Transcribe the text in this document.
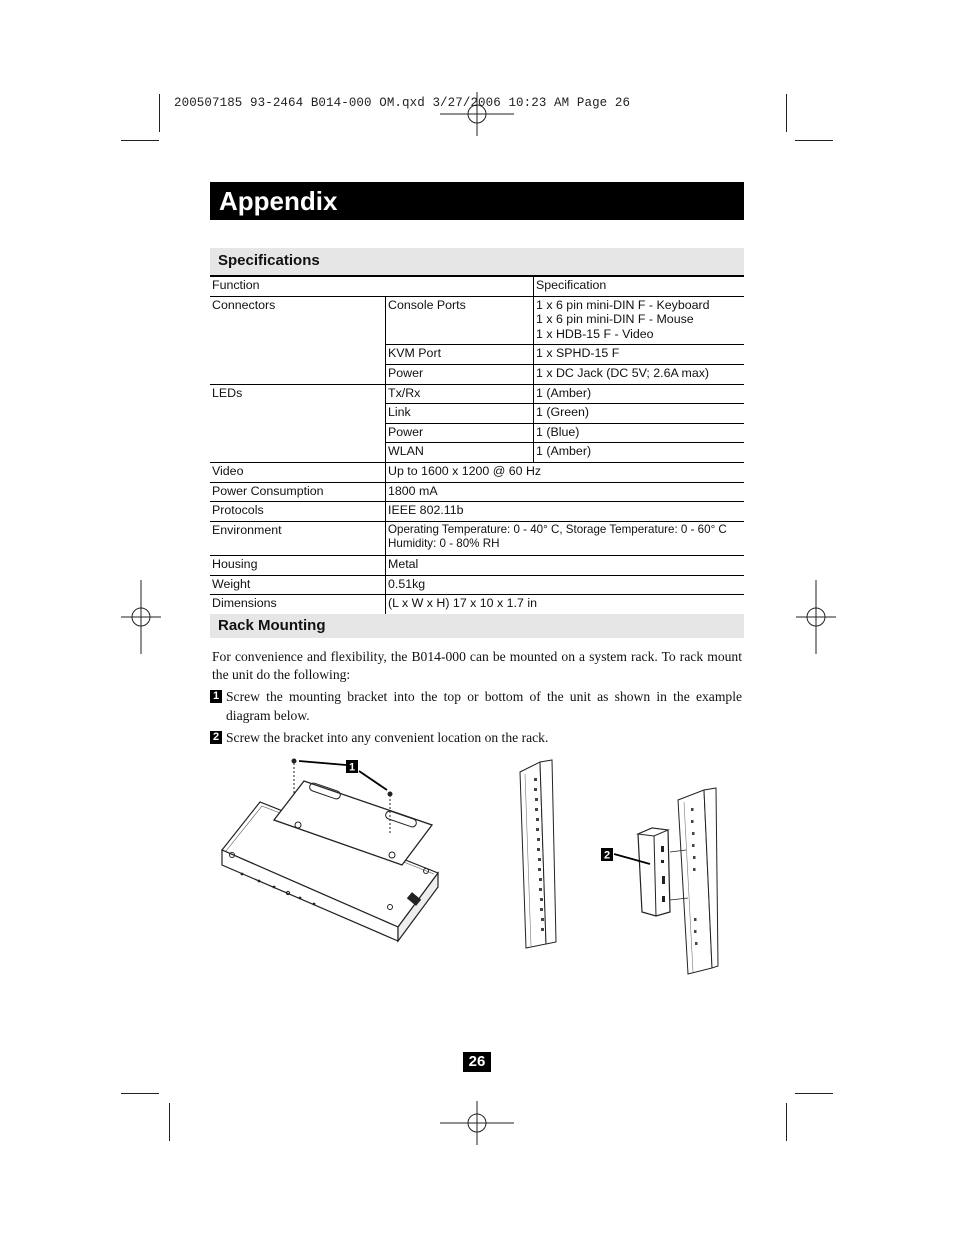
200507185 93-2464 B014-000 OM.qxd 3/27/2006 10:23 AM Page 26
Appendix
Specifications
Function		Specification
Connectors	Console Ports	1 x 6 pin mini-DIN F - Keyboard
1 x 6 pin mini-DIN F - Mouse
1 x HDB-15 F - Video

	KVM Port	1 x SPHD-15 F
	Power	1 x DC Jack (DC 5V; 2.6A max)
LEDs	Tx/Rx	1 (Amber)
	Link	1 (Green)
	Power	1 (Blue)
	WLAN	1 (Amber)
Video	Up to 1600 x 1200 @ 60 Hz	
Power Consumption	1800 mA	
Protocols	IEEE 802.11b	
Environment	Operating Temperature: 0 - 40° C, Storage Temperature: 0 - 60° C
Humidity: 0 - 80% RH	

Housing	Metal	
Weight	0.51kg	
Dimensions	(L x W x H) 17 x 10 x 1.7 in	
Rack Mounting
For convenience and flexibility, the B014-000 can be mounted on a system rack. To rack mount the unit do the following:
1 Screw the mounting bracket into the top or bottom of the unit as shown in the example diagram below.
2 Screw the bracket into any convenient location on the rack.
1
2
26
